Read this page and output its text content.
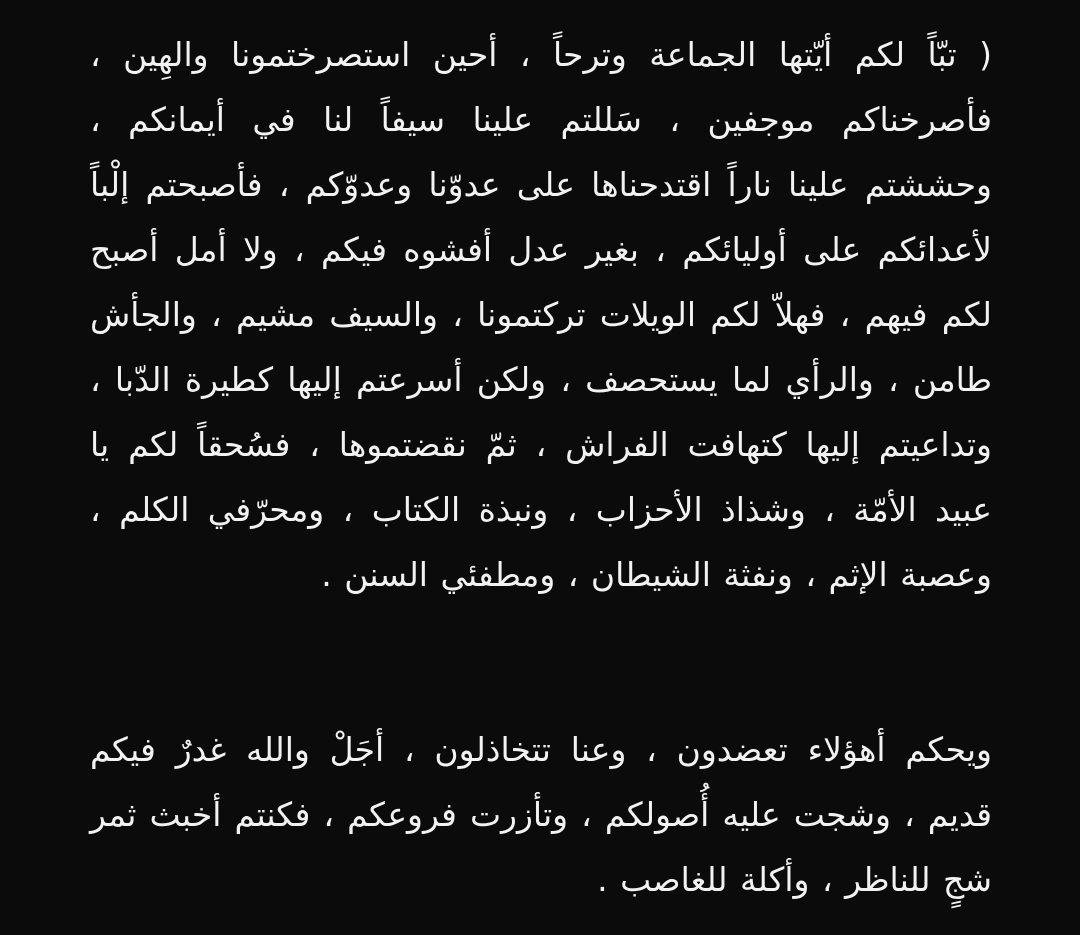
( تبّاً لكم أيّتها الجماعة وترحاً ، أحين استصرختمونا والهِين ، فأصرخناكم موجفين ، سَللتم علينا سيفاً لنا في أيمانكم ، وحششتم علينا ناراً اقتدحناها على عدوّنا وعدوّكم ، فأصبحتم إلْباً لأعدائكم على أوليائكم ، بغير عدل أفشوه فيكم ، ولا أمل أصبح لكم فيهم ، فهلاّ لكم الويلات تركتمونا ، والسيف مشيم ، والجأش طامن ، والرأي لما يستحصف ، ولكن أسرعتم إليها كطيرة الدّبا ، وتداعيتم إليها كتهافت الفراش ، ثمّ نقضتموها ، فسُحقاً لكم يا عبيد الأمّة ، وشذاذ الأحزاب ، ونبذة الكتاب ، ومحرّفي الكلم ، وعصبة الإثم ، ونفثة الشيطان ، ومطفئي السنن .

ويحكم أهؤلاء تعضدون ، وعنا تتخاذلون ، أجَلْ والله غدرٌ فيكم قديم ، وشجت عليه أُصولكم ، وتأزرت فروعكم ، فكنتم أخبث ثمر شجٍ للناظر ، وأكلة للغاصب .
